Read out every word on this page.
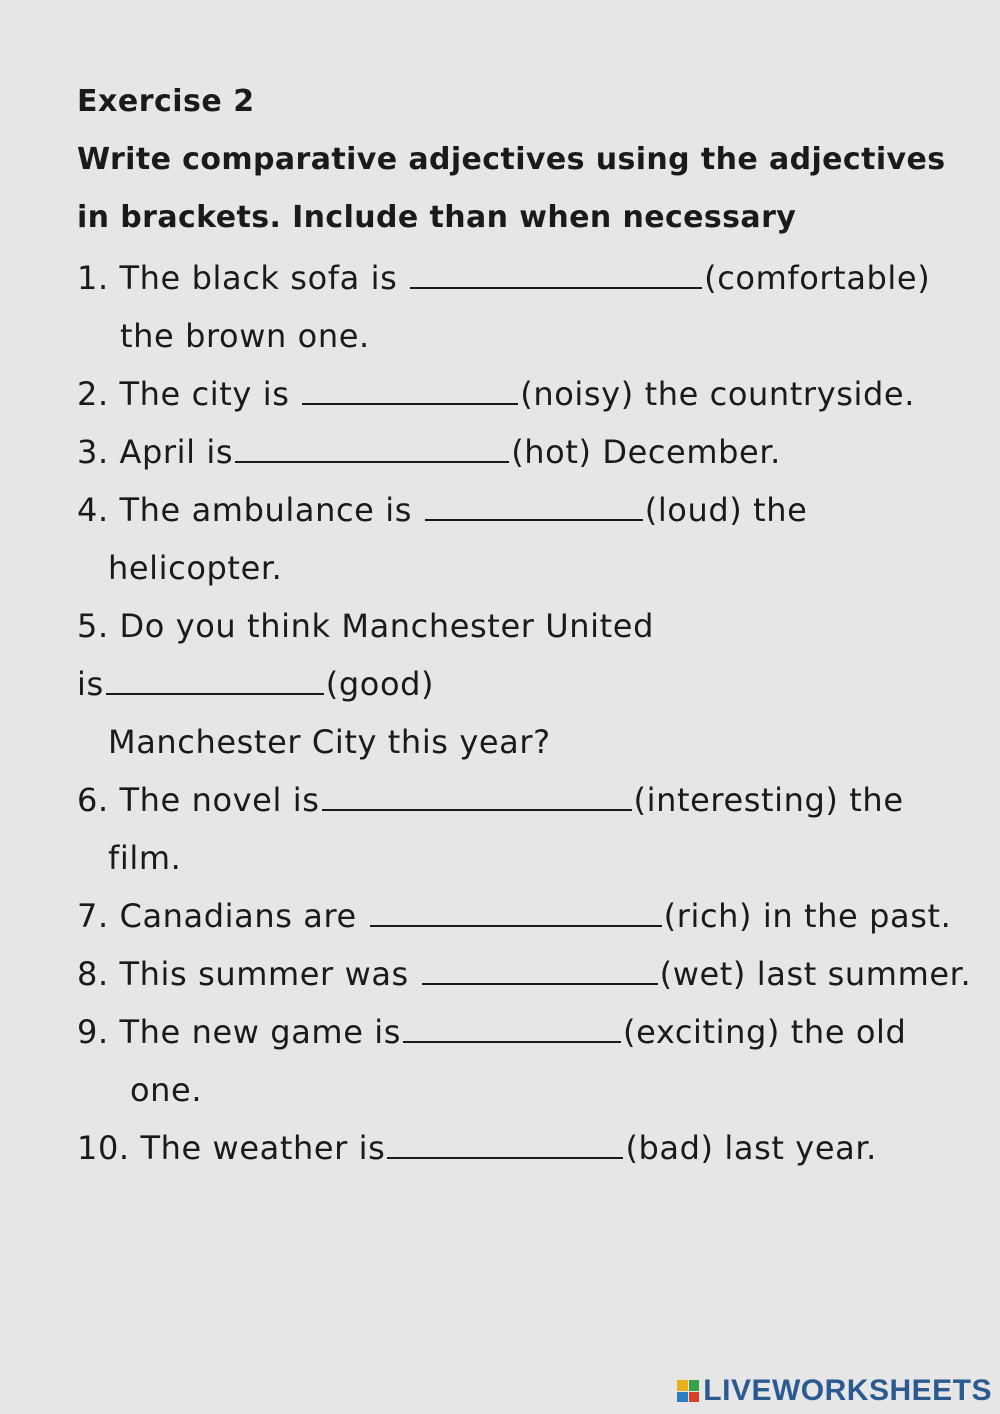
Exercise 2

Write comparative adjectives using the adjectives

in brackets. Include than when necessary

1. The black sofa is	(comfortable)
the brown one.
2. The city is	(noisy) the countryside.
3. April is	(hot) December.
4. The ambulance is	(loud) the
helicopter.
5. Do you think Manchester United
is	(good)
Manchester City this year?
6. The novel is	(interesting) the
film.
7. Canadians are	(rich) in the past.
8. This summer was	(wet) last summer.
9. The new game is	(exciting) the old
one.
10. The weather is	(bad) last year.
LIVEWORKSHEETS
